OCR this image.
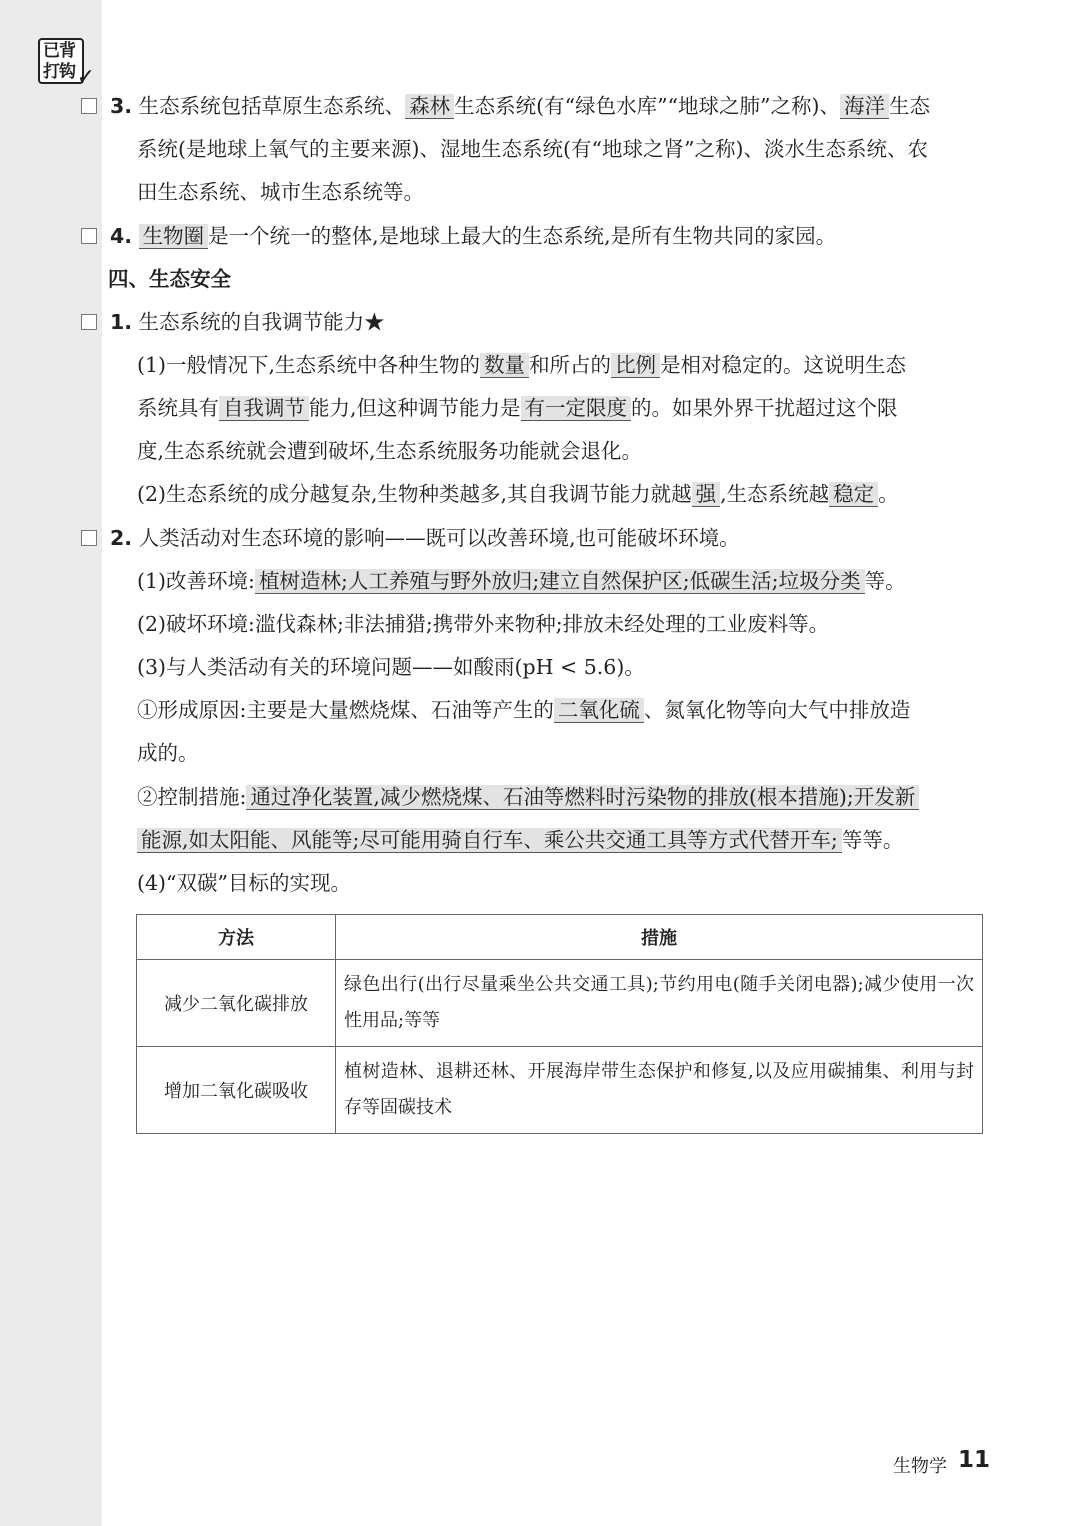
已背
打钩 ✓
3. 生态系统包括草原生态系统、 森林 生态系统(有“绿色水库”“地球之肺”之称)、 海洋 生态
系统(是地球上氧气的主要来源)、湿地生态系统(有“地球之肾”之称)、淡水生态系统、农
田生态系统、城市生态系统等。
4. 生物圈 是一个统一的整体,是地球上最大的生态系统,是所有生物共同的家园。
四、生态安全
1. 生态系统的自我调节能力★
(1)一般情况下,生态系统中各种生物的 数量 和所占的 比例 是相对稳定的。这说明生态
系统具有 自我调节 能力,但这种调节能力是 有一定限度 的。如果外界干扰超过这个限
度,生态系统就会遭到破坏,生态系统服务功能就会退化。
(2)生态系统的成分越复杂,生物种类越多,其自我调节能力就越 强 ,生态系统越 稳定 。
2. 人类活动对生态环境的影响——既可以改善环境,也可能破坏环境。
(1)改善环境: 植树造林;人工养殖与野外放归;建立自然保护区;低碳生活;垃圾分类 等。
(2)破坏环境:滥伐森林;非法捕猎;携带外来物种;排放未经处理的工业废料等。
(3)与人类活动有关的环境问题——如酸雨(pH < 5.6)。
①形成原因:主要是大量燃烧煤、石油等产生的 二氧化硫 、氮氧化物等向大气中排放造
成的。
②控制措施: 通过净化装置,减少燃烧煤、石油等燃料时污染物的排放(根本措施);开发新
能源,如太阳能、风能等;尽可能用骑自行车、乘公共交通工具等方式代替开车; 等等。
(4)“双碳”目标的实现。
方法	措施
减少二氧化碳排放	绿色出行(出行尽量乘坐公共交通工具);节约用电(随手关闭电器);减少使用一次性用品;等等
增加二氧化碳吸收	植树造林、退耕还林、开展海岸带生态保护和修复,以及应用碳捕集、利用与封存等固碳技术
生物学 11
